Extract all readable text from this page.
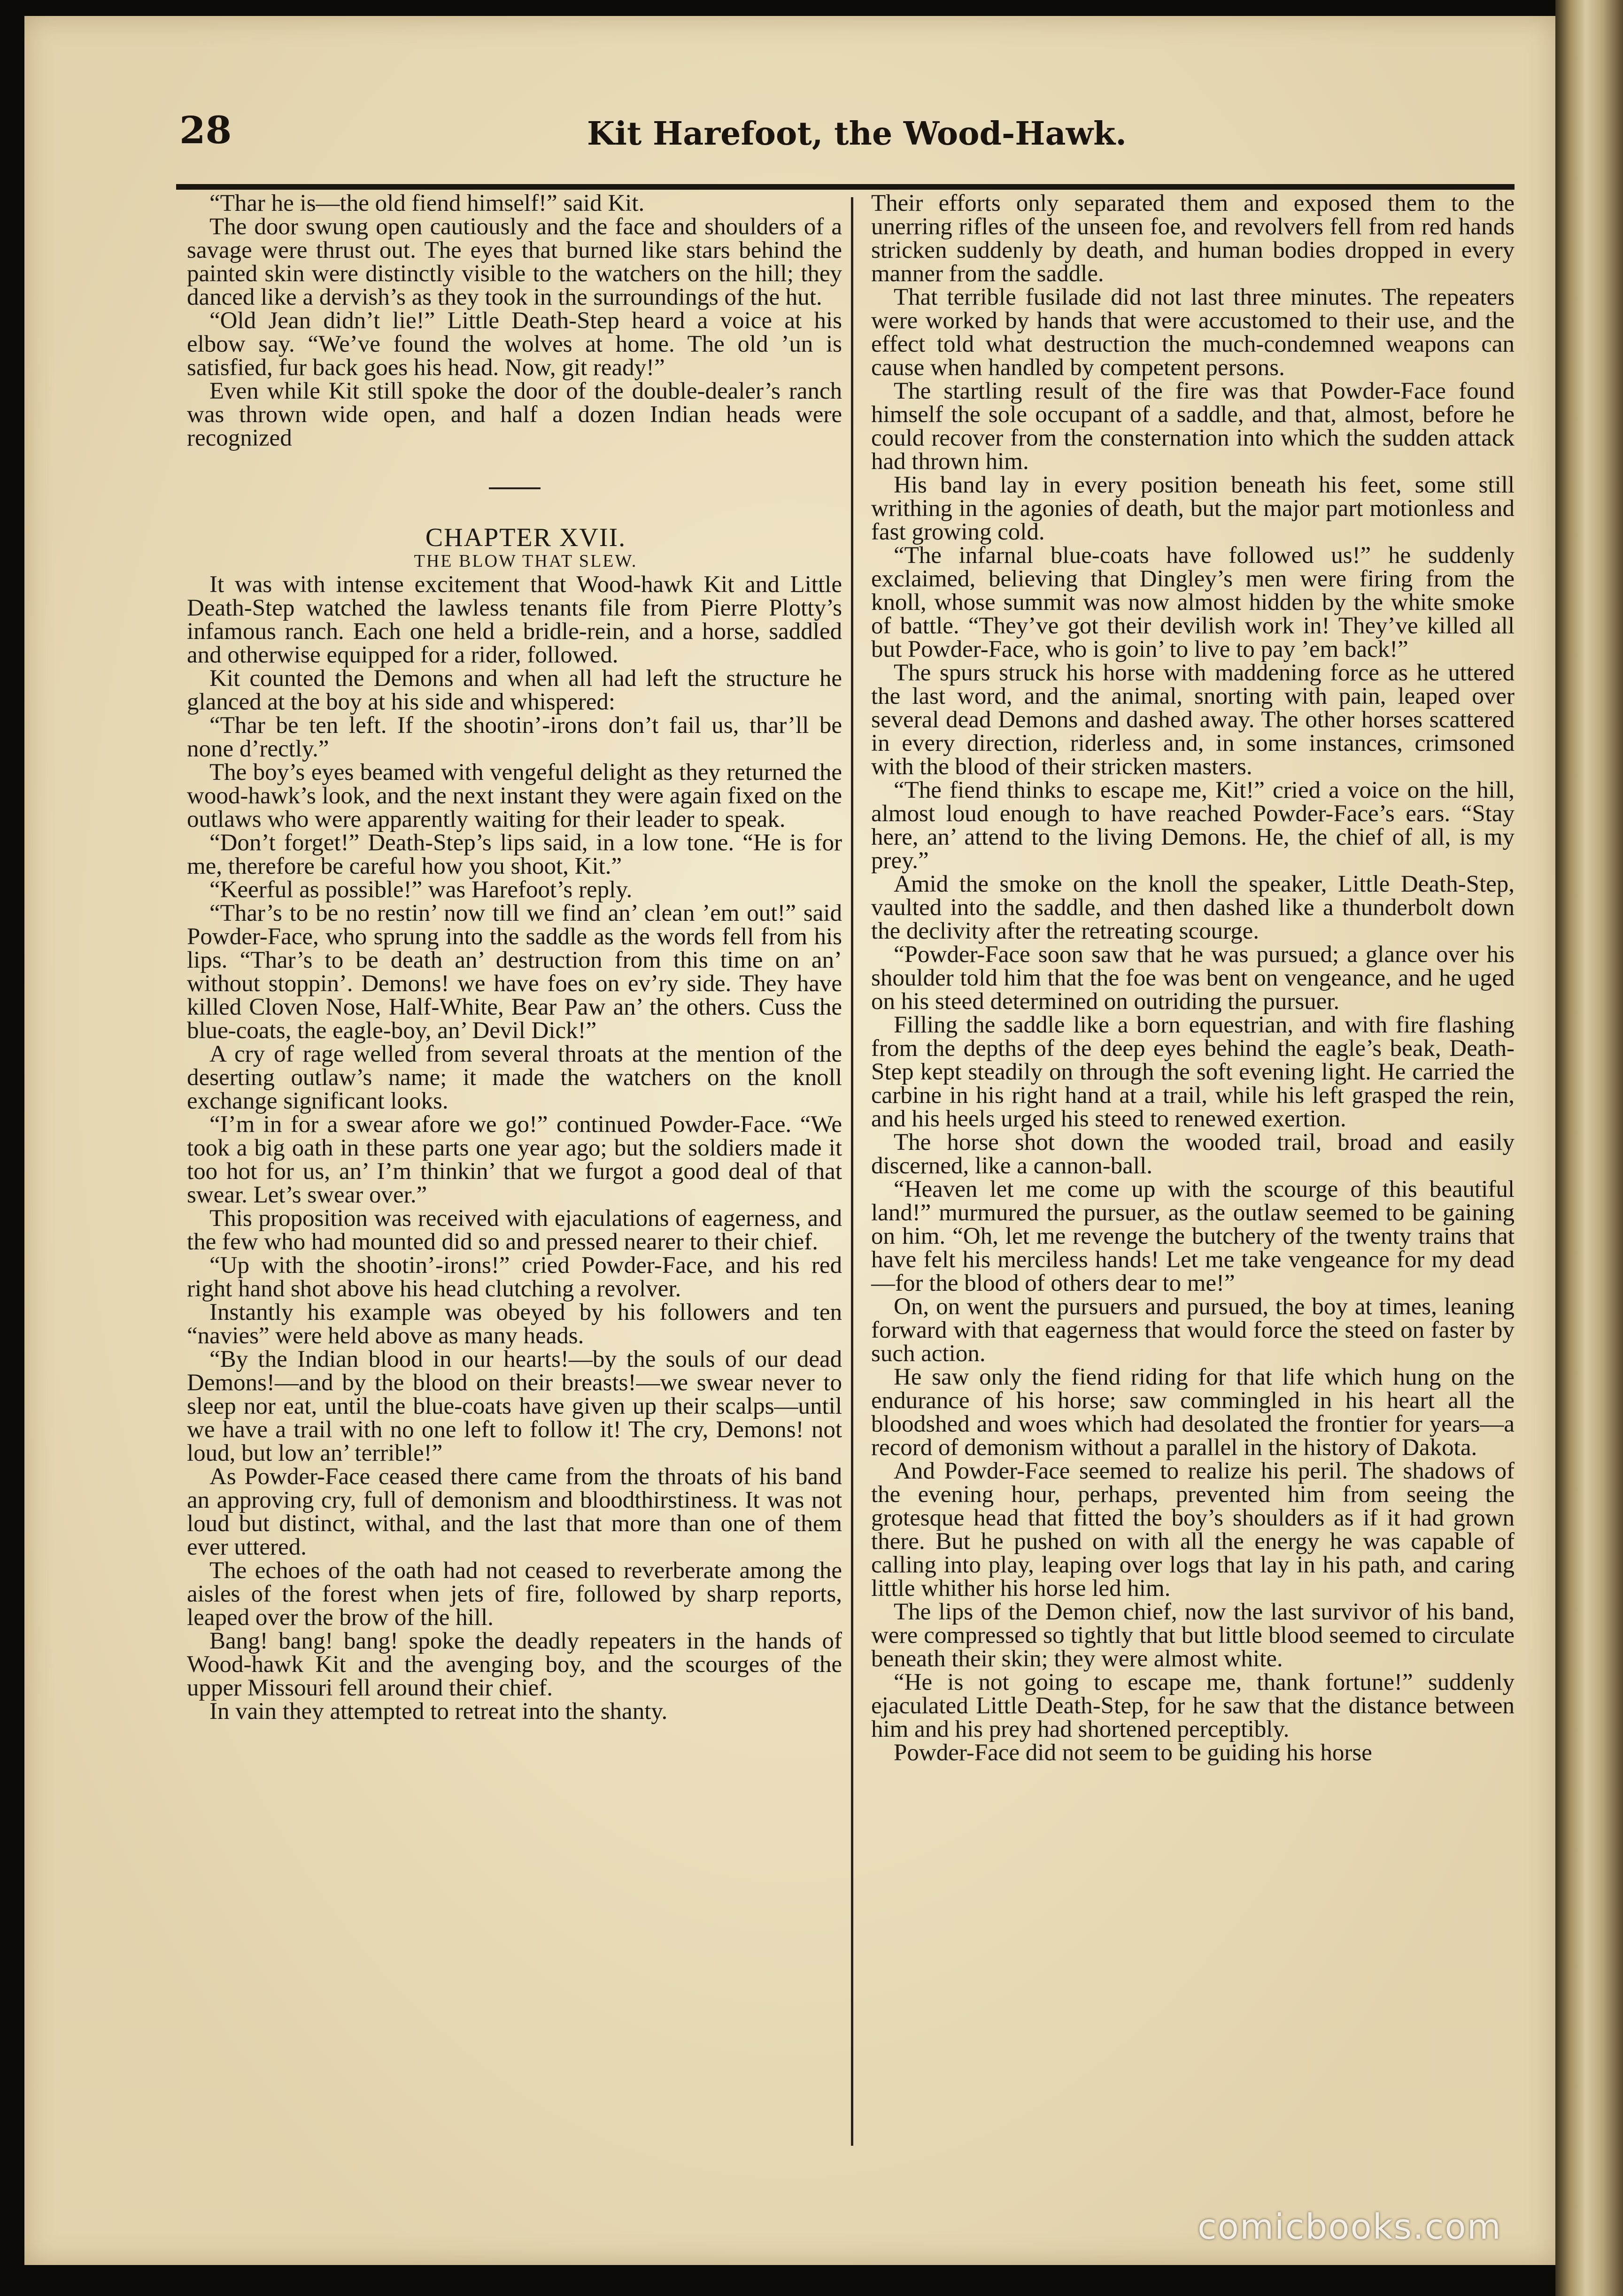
28	Kit Harefoot, the Wood-Hawk.

“Thar he is—the old fiend himself!” said Kit.

The door swung open cautiously and the face and shoulders of a savage were thrust out. The eyes that burned like stars behind the painted skin were distinctly visible to the watchers on the hill; they danced like a dervish’s as they took in the surroundings of the hut.

“Old Jean didn’t lie!” Little Death-Step heard a voice at his elbow say. “We’ve found the wolves at home. The old ’un is satisfied, fur back goes his head. Now, git ready!”

Even while Kit still spoke the door of the double-dealer’s ranch was thrown wide open, and half a dozen Indian heads were recognized

CHAPTER XVII.

THE BLOW THAT SLEW.

It was with intense excitement that Wood-hawk Kit and Little Death-Step watched the lawless tenants file from Pierre Plotty’s infamous ranch. Each one held a bridle-rein, and a horse, saddled and otherwise equipped for a rider, followed.

Kit counted the Demons and when all had left the structure he glanced at the boy at his side and whispered:

“Thar be ten left. If the shootin’-irons don’t fail us, thar’ll be none d’rectly.”

The boy’s eyes beamed with vengeful delight as they returned the wood-hawk’s look, and the next instant they were again fixed on the outlaws who were apparently waiting for their leader to speak.

“Don’t forget!” Death-Step’s lips said, in a low tone. “He is for me, therefore be careful how you shoot, Kit.”

“Keerful as possible!” was Harefoot’s reply.

“Thar’s to be no restin’ now till we find an’ clean ’em out!” said Powder-Face, who sprung into the saddle as the words fell from his lips. “Thar’s to be death an’ destruction from this time on an’ without stoppin’. Demons! we have foes on ev’ry side. They have killed Cloven Nose, Half-White, Bear Paw an’ the others. Cuss the blue-coats, the eagle-boy, an’ Devil Dick!”

A cry of rage welled from several throats at the mention of the deserting outlaw’s name; it made the watchers on the knoll exchange significant looks.

“I’m in for a swear afore we go!” continued Powder-Face. “We took a big oath in these parts one year ago; but the soldiers made it too hot for us, an’ I’m thinkin’ that we furgot a good deal of that swear. Let’s swear over.”

This proposition was received with ejaculations of eagerness, and the few who had mounted did so and pressed nearer to their chief.

“Up with the shootin’-irons!” cried Powder-Face, and his red right hand shot above his head clutching a revolver.

Instantly his example was obeyed by his followers and ten “navies” were held above as many heads.

“By the Indian blood in our hearts!—by the souls of our dead Demons!—and by the blood on their breasts!—we swear never to sleep nor eat, until the blue-coats have given up their scalps—until we have a trail with no one left to follow it! The cry, Demons! not loud, but low an’ terrible!”

As Powder-Face ceased there came from the throats of his band an approving cry, full of demonism and bloodthirstiness. It was not loud but distinct, withal, and the last that more than one of them ever uttered.

The echoes of the oath had not ceased to reverberate among the aisles of the forest when jets of fire, followed by sharp reports, leaped over the brow of the hill.

Bang! bang! bang! spoke the deadly repeaters in the hands of Wood-hawk Kit and the avenging boy, and the scourges of the upper Missouri fell around their chief.

In vain they attempted to retreat into the shanty.

Their efforts only separated them and exposed them to the unerring rifles of the unseen foe, and revolvers fell from red hands stricken suddenly by death, and human bodies dropped in every manner from the saddle.

That terrible fusilade did not last three minutes. The repeaters were worked by hands that were accustomed to their use, and the effect told what destruction the much-condemned weapons can cause when handled by competent persons.

The startling result of the fire was that Powder-Face found himself the sole occupant of a saddle, and that, almost, before he could recover from the consternation into which the sudden attack had thrown him.

His band lay in every position beneath his feet, some still writhing in the agonies of death, but the major part motionless and fast growing cold.

“The infarnal blue-coats have followed us!” he suddenly exclaimed, believing that Dingley’s men were firing from the knoll, whose summit was now almost hidden by the white smoke of battle. “They’ve got their devilish work in! They’ve killed all but Powder-Face, who is goin’ to live to pay ’em back!”

The spurs struck his horse with maddening force as he uttered the last word, and the animal, snorting with pain, leaped over several dead Demons and dashed away. The other horses scattered in every direction, riderless and, in some instances, crimsoned with the blood of their stricken masters.

“The fiend thinks to escape me, Kit!” cried a voice on the hill, almost loud enough to have reached Powder-Face’s ears. “Stay here, an’ attend to the living Demons. He, the chief of all, is my prey.”

Amid the smoke on the knoll the speaker, Little Death-Step, vaulted into the saddle, and then dashed like a thunderbolt down the declivity after the retreating scourge.

“Powder-Face soon saw that he was pursued; a glance over his shoulder told him that the foe was bent on vengeance, and he uged on his steed determined on outriding the pursuer.

Filling the saddle like a born equestrian, and with fire flashing from the depths of the deep eyes behind the eagle’s beak, Death-Step kept steadily on through the soft evening light. He carried the carbine in his right hand at a trail, while his left grasped the rein, and his heels urged his steed to renewed exertion.

The horse shot down the wooded trail, broad and easily discerned, like a cannon-ball.

“Heaven let me come up with the scourge of this beautiful land!” murmured the pursuer, as the outlaw seemed to be gaining on him. “Oh, let me revenge the butchery of the twenty trains that have felt his merciless hands! Let me take vengeance for my dead—for the blood of others dear to me!”

On, on went the pursuers and pursued, the boy at times, leaning forward with that eagerness that would force the steed on faster by such action.

He saw only the fiend riding for that life which hung on the endurance of his horse; saw commingled in his heart all the bloodshed and woes which had desolated the frontier for years—a record of demonism without a parallel in the history of Dakota.

And Powder-Face seemed to realize his peril. The shadows of the evening hour, perhaps, prevented him from seeing the grotesque head that fitted the boy’s shoulders as if it had grown there. But he pushed on with all the energy he was capable of calling into play, leaping over logs that lay in his path, and caring little whither his horse led him.

The lips of the Demon chief, now the last survivor of his band, were compressed so tightly that but little blood seemed to circulate beneath their skin; they were almost white.

“He is not going to escape me, thank fortune!” suddenly ejaculated Little Death-Step, for he saw that the distance between him and his prey had shortened perceptibly.

Powder-Face did not seem to be guiding his horse

comicbooks.com
